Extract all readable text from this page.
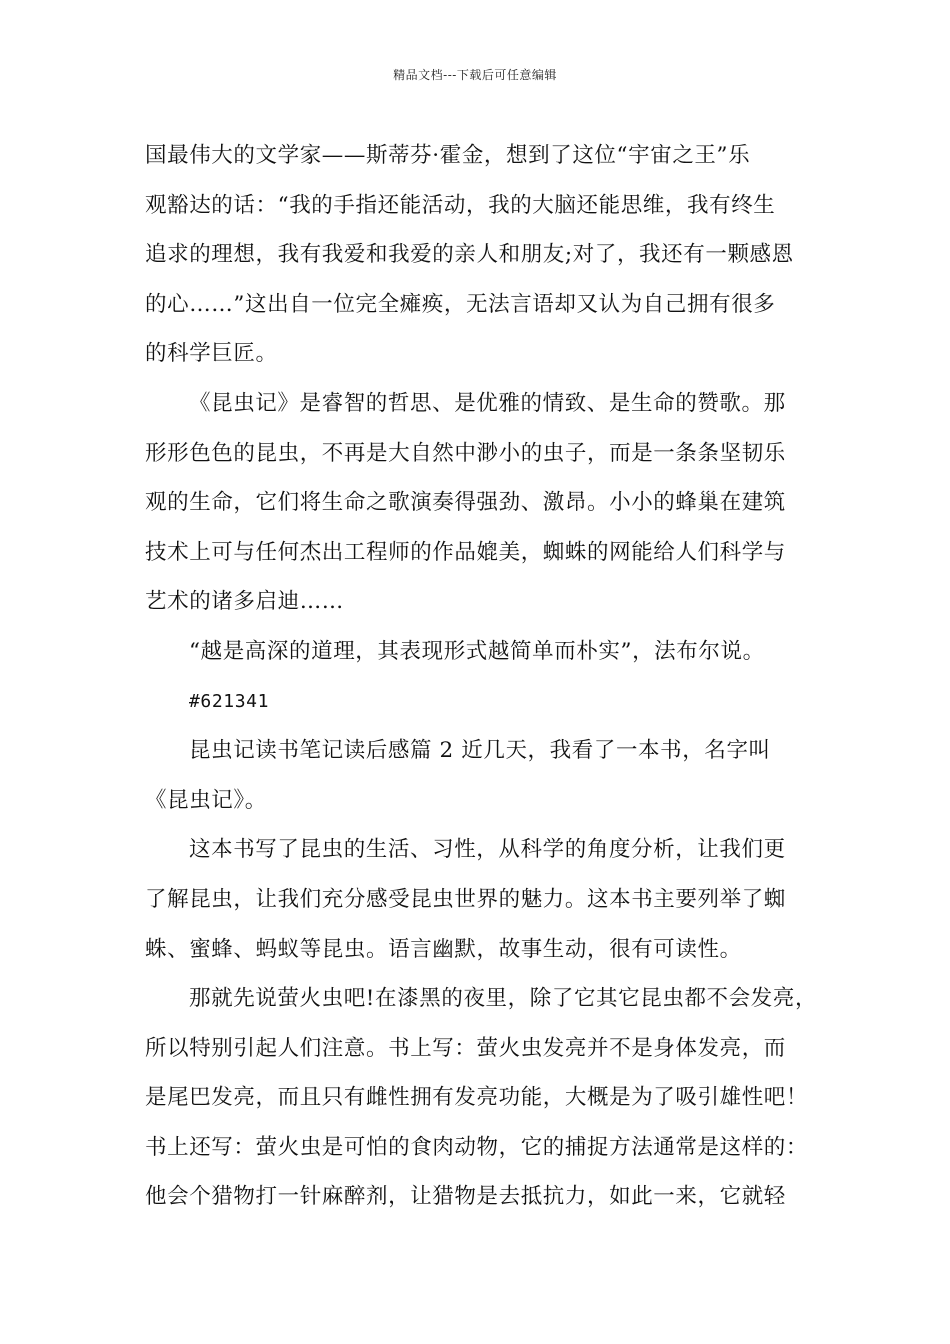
精品文档---下载后可任意编辑
国最伟大的文学家——斯蒂芬·霍金，想到了这位“宇宙之王”乐
观豁达的话：“我的手指还能活动，我的大脑还能思维，我有终生
追求的理想，我有我爱和我爱的亲人和朋友;对了，我还有一颗感恩
的心……”这出自一位完全瘫痪，无法言语却又认为自己拥有很多
的科学巨匠。
《昆虫记》是睿智的哲思、是优雅的情致、是生命的赞歌。那
形形色色的昆虫，不再是大自然中渺小的虫子，而是一条条坚韧乐
观的生命，它们将生命之歌演奏得强劲、激昂。小小的蜂巢在建筑
技术上可与任何杰出工程师的作品媲美，蜘蛛的网能给人们科学与
艺术的诸多启迪……
“越是高深的道理，其表现形式越简单而朴实”，法布尔说。
#621341
昆虫记读书笔记读后感篇 2 近几天，我看了一本书，名字叫
《昆虫记》。
这本书写了昆虫的生活、习性，从科学的角度分析，让我们更
了解昆虫，让我们充分感受昆虫世界的魅力。这本书主要列举了蜘
蛛、蜜蜂、蚂蚁等昆虫。语言幽默，故事生动，很有可读性。
那就先说萤火虫吧!在漆黑的夜里，除了它其它昆虫都不会发亮，
所以特别引起人们注意。书上写：萤火虫发亮并不是身体发亮，而
是尾巴发亮，而且只有雌性拥有发亮功能，大概是为了吸引雄性吧！
书上还写：萤火虫是可怕的食肉动物，它的捕捉方法通常是这样的：
他会个猎物打一针麻醉剂，让猎物是去抵抗力，如此一来，它就轻
